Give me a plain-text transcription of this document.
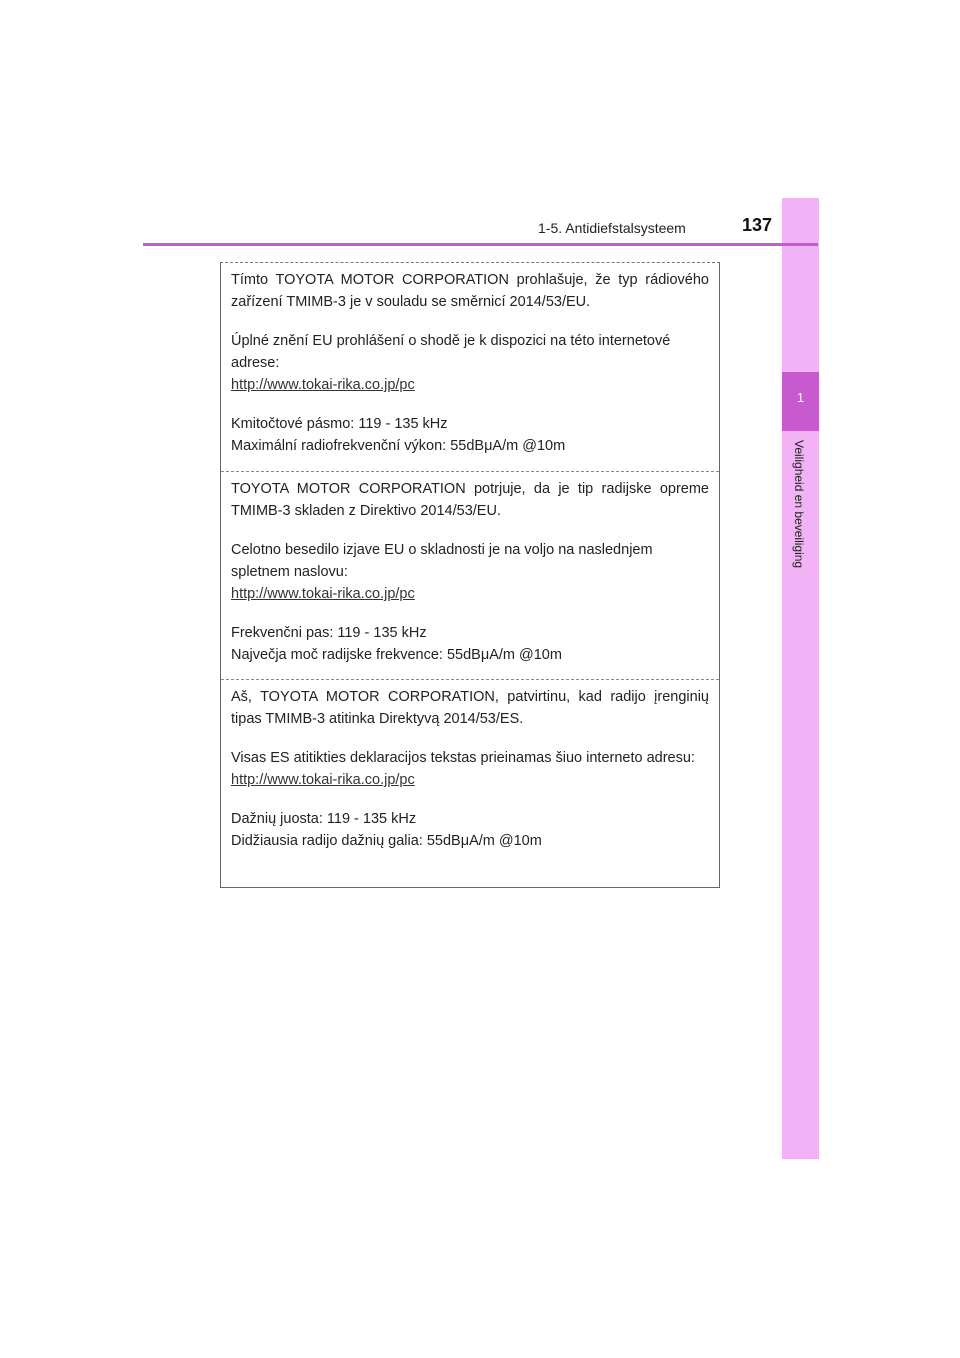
1
Veiligheid en beveiliging
1-5. Antidiefstalsysteem	137

Tímto TOYOTA MOTOR CORPORATION prohlašuje, že typ rádiového zařízení TMIMB-3 je v souladu se směrnicí 2014/53/EU.

Úplné znění EU prohlášení o shodě je k dispozici na této internetové adrese:

http://www.tokai-rika.co.jp/pc

Kmitočtové pásmo: 119 - 135 kHz

Maximální radiofrekvenční výkon: 55dBμA/m @10m

TOYOTA MOTOR CORPORATION potrjuje, da je tip radijske opreme TMIMB-3 skladen z Direktivo 2014/53/EU.

Celotno besedilo izjave EU o skladnosti je na voljo na naslednjem spletnem naslovu:

http://www.tokai-rika.co.jp/pc

Frekvenčni pas: 119 - 135 kHz

Največja moč radijske frekvence: 55dBμA/m @10m

Aš, TOYOTA MOTOR CORPORATION, patvirtinu, kad radijo įrenginių tipas TMIMB-3 atitinka Direktyvą 2014/53/ES.

Visas ES atitikties deklaracijos tekstas prieinamas šiuo interneto adresu:

http://www.tokai-rika.co.jp/pc

Dažnių juosta: 119 - 135 kHz

Didžiausia radijo dažnių galia: 55dBμA/m @10m
